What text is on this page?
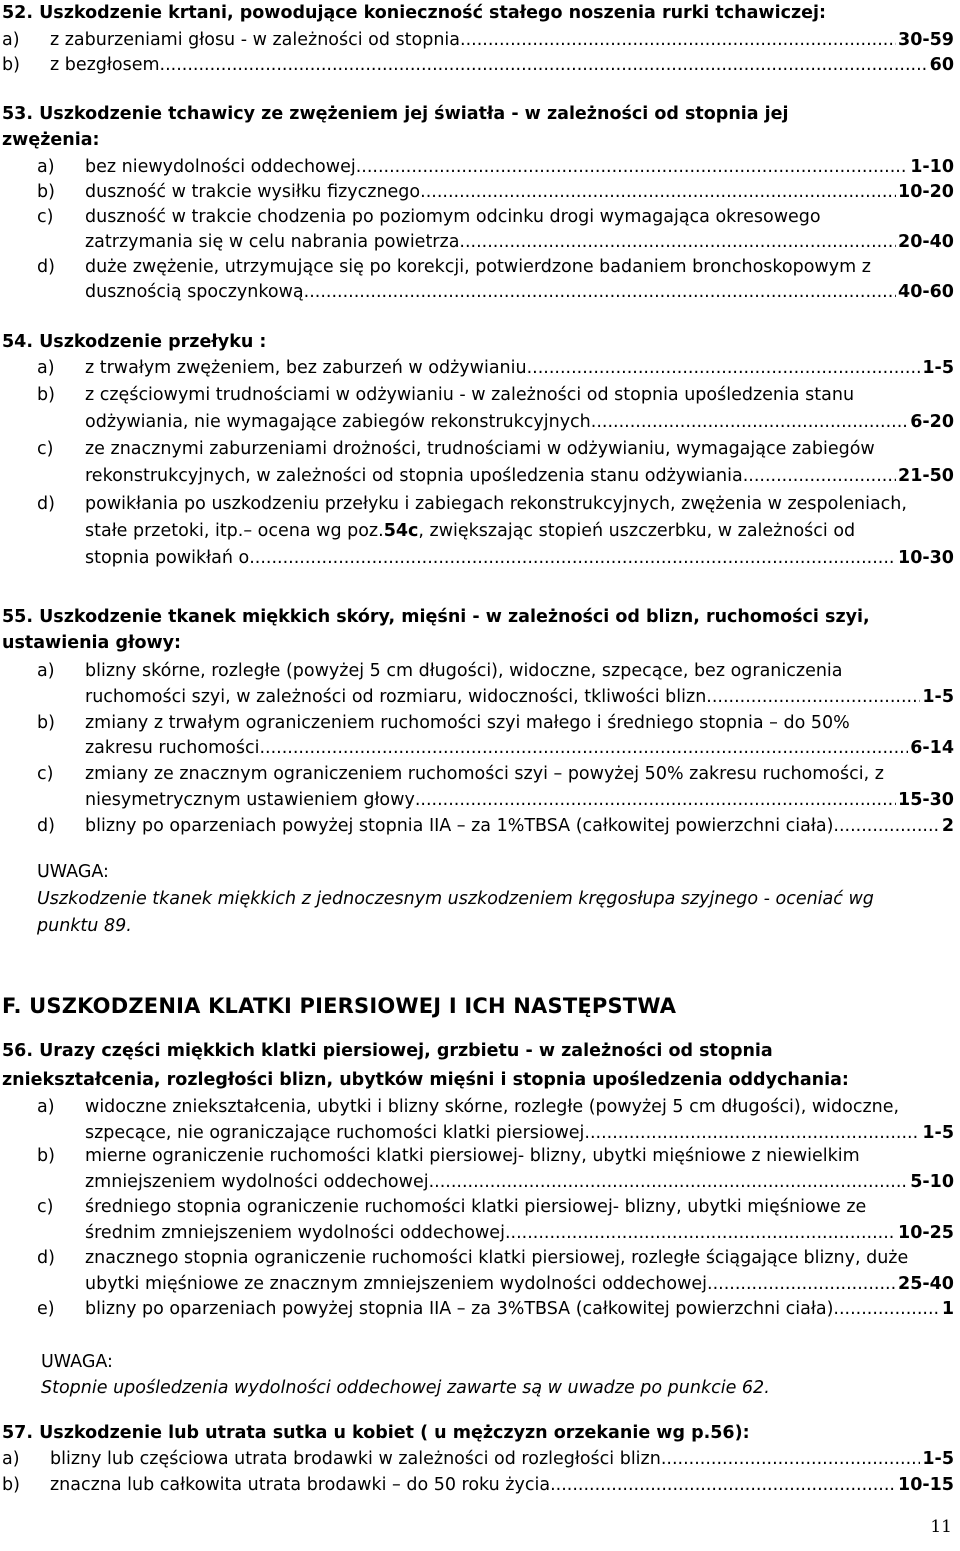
52. Uszkodzenie krtani, powodujące konieczność stałego noszenia rurki tchawiczej:
a)	z zaburzeniami głosu - w zależności od stopnia .....	30-59
b)	z bezgłosem .....	60
53. Uszkodzenie tchawicy ze zwężeniem jej światła - w zależności od stopnia jej
zwężenia:
a)	bez niewydolności oddechowej .....	1-10
b)	duszność w trakcie wysiłku fizycznego .....	10-20
c)	duszność w trakcie chodzenia po poziomym odcinku drogi wymagająca okresowego
zatrzymania się w celu nabrania powietrza .....	20-40
d)	duże zwężenie, utrzymujące się po korekcji, potwierdzone badaniem bronchoskopowym z
dusznością spoczynkową .....	40-60
54. Uszkodzenie przełyku :
a)	z trwałym zwężeniem, bez zaburzeń w odżywianiu .....	1-5
b)	z częściowymi trudnościami w odżywianiu - w zależności od stopnia upośledzenia stanu
odżywiania, nie wymagające zabiegów rekonstrukcyjnych .....	6-20
c)	ze znacznymi zaburzeniami drożności, trudnościami w odżywianiu, wymagające zabiegów
rekonstrukcyjnych, w zależności od stopnia upośledzenia stanu odżywiania .....	21-50
d)	powikłania po uszkodzeniu przełyku i zabiegach rekonstrukcyjnych, zwężenia w zespoleniach,
stałe przetoki, itp.– ocena wg poz. 54c , zwiększając stopień uszczerbku, w zależności od
stopnia powikłań o .....	10-30
55. Uszkodzenie tkanek miękkich skóry, mięśni - w zależności od blizn, ruchomości szyi,
ustawienia głowy:
a)	blizny skórne, rozległe (powyżej 5 cm długości), widoczne, szpecące, bez ograniczenia
ruchomości szyi, w zależności od rozmiaru, widoczności, tkliwości blizn .....	1-5
b)	zmiany z trwałym ograniczeniem ruchomości szyi małego i średniego stopnia – do 50%
zakresu ruchomości .....	6-14
c)	zmiany ze znacznym ograniczeniem ruchomości szyi – powyżej 50% zakresu ruchomości, z
niesymetrycznym ustawieniem głowy .....	15-30
d)	blizny po oparzeniach powyżej stopnia IIA – za 1%TBSA (całkowitej powierzchni ciała) .....	2
UWAGA:
Uszkodzenie tkanek miękkich z jednoczesnym uszkodzeniem kręgosłupa szyjnego - oceniać wg
punktu 89.
F. USZKODZENIA KLATKI PIERSIOWEJ I ICH NASTĘPSTWA
56. Urazy części miękkich klatki piersiowej, grzbietu - w zależności od stopnia
zniekształcenia, rozległości blizn, ubytków mięśni i stopnia upośledzenia oddychania:
a)	widoczne zniekształcenia, ubytki i blizny skórne, rozległe (powyżej 5 cm długości), widoczne,
szpecące, nie ograniczające ruchomości klatki piersiowej .....	1-5
b)	mierne ograniczenie ruchomości klatki piersiowej- blizny, ubytki mięśniowe z niewielkim
zmniejszeniem wydolności oddechowej .....	5-10
c)	średniego stopnia ograniczenie ruchomości klatki piersiowej- blizny, ubytki mięśniowe ze
średnim zmniejszeniem wydolności oddechowej .....	10-25
d)	znacznego stopnia ograniczenie ruchomości klatki piersiowej, rozległe ściągające blizny, duże
ubytki mięśniowe ze znacznym zmniejszeniem wydolności oddechowej .....	25-40
e)	blizny po oparzeniach powyżej stopnia IIA – za 3%TBSA (całkowitej powierzchni ciała) .....	1
UWAGA:
Stopnie upośledzenia wydolności oddechowej zawarte są w uwadze po punkcie 62.
57. Uszkodzenie lub utrata sutka u kobiet ( u mężczyzn orzekanie wg p.56):
a)	blizny lub częściowa utrata brodawki w zależności od rozległości blizn .....	1-5
b)	znaczna lub całkowita utrata brodawki – do 50 roku życia .....	10-15
11
